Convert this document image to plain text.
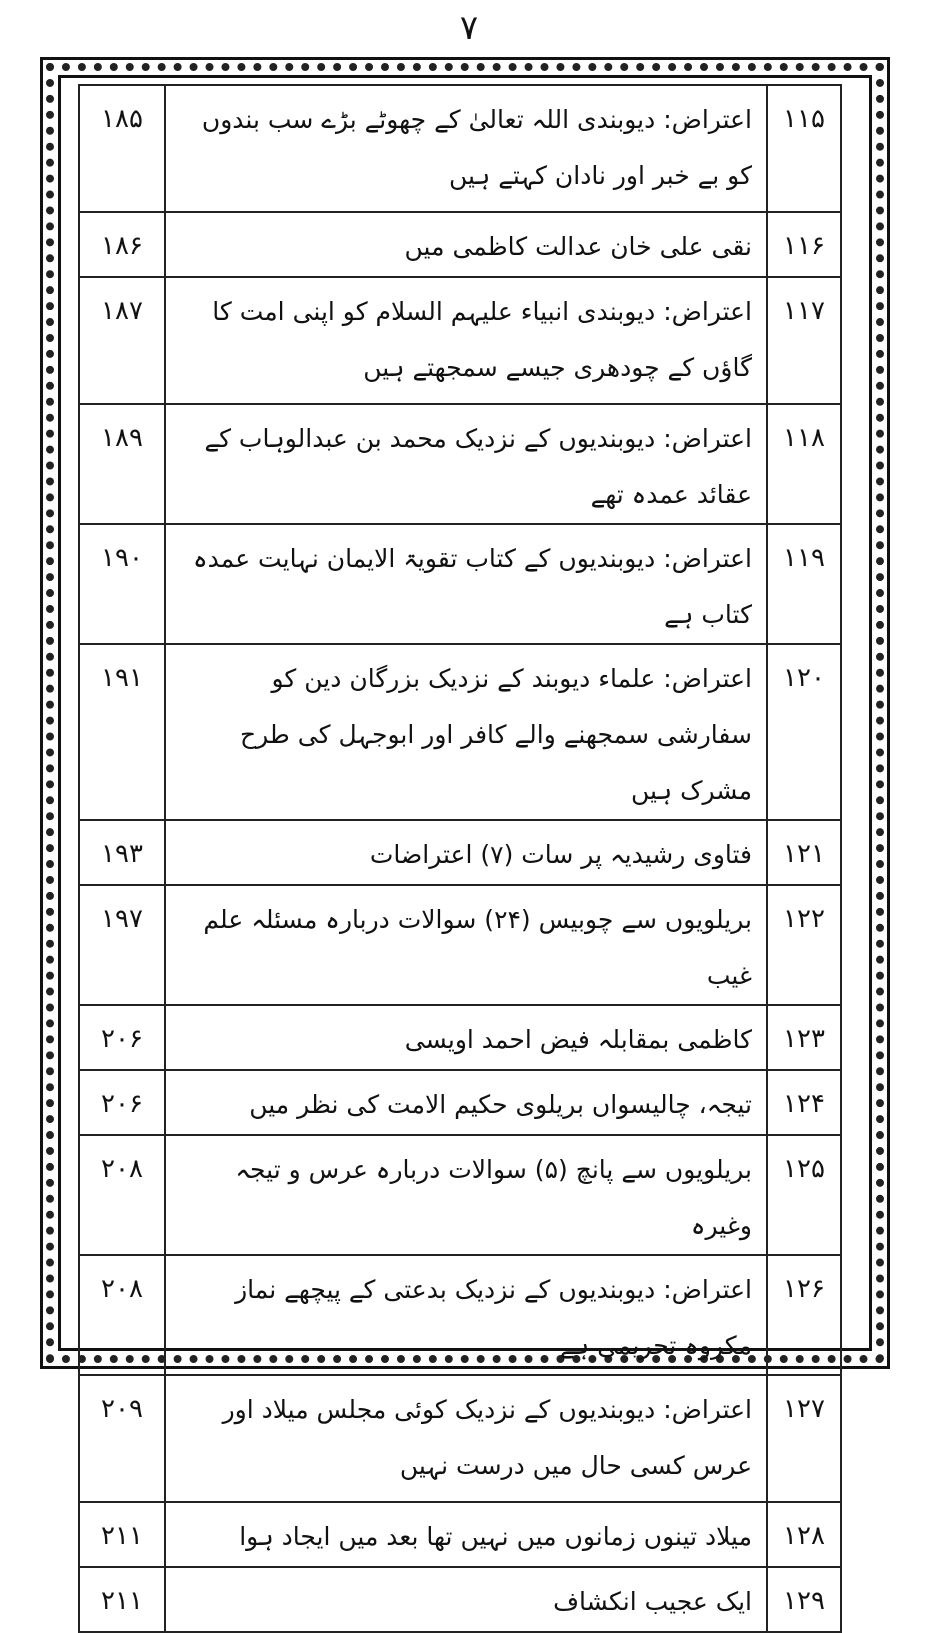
۷
۱۱۵	اعتراض: دیوبندی اللہ تعالیٰ کے چھوٹے بڑے سب بندوں کو بے خبر اور نادان کہتے ہیں	۱۸۵
۱۱۶	نقی علی خان عدالت کاظمی میں	۱۸۶
۱۱۷	اعتراض: دیوبندی انبیاء علیہم السلام کو اپنی امت کا گاؤں کے چودھری جیسے سمجھتے ہیں	۱۸۷
۱۱۸	اعتراض: دیوبندیوں کے نزدیک محمد بن عبدالوہاب کے عقائد عمدہ تھے	۱۸۹
۱۱۹	اعتراض: دیوبندیوں کے کتاب تقویۃ الایمان نہایت عمدہ کتاب ہے	۱۹۰
۱۲۰	اعتراض: علماء دیوبند کے نزدیک بزرگان دین کو سفارشی سمجھنے والے کافر اور ابوجہل کی طرح مشرک ہیں	۱۹۱
۱۲۱	فتاوی رشیدیہ پر سات (۷) اعتراضات	۱۹۳
۱۲۲	بریلویوں سے چوبیس (۲۴) سوالات دربارہ مسئلہ علم غیب	۱۹۷
۱۲۳	کاظمی بمقابلہ فیض احمد اویسی	۲۰۶
۱۲۴	تیجہ، چالیسواں بریلوی حکیم الامت کی نظر میں	۲۰۶
۱۲۵	بریلویوں سے پانچ (۵) سوالات دربارہ عرس و تیجہ وغیرہ	۲۰۸
۱۲۶	اعتراض: دیوبندیوں کے نزدیک بدعتی کے پیچھے نماز مکروہ تحریمی ہے	۲۰۸
۱۲۷	اعتراض: دیوبندیوں کے نزدیک کوئی مجلس میلاد اور عرس کسی حال میں درست نہیں	۲۰۹
۱۲۸	میلاد تینوں زمانوں میں نہیں تھا بعد میں ایجاد ہوا	۲۱۱
۱۲۹	ایک عجیب انکشاف	۲۱۱
